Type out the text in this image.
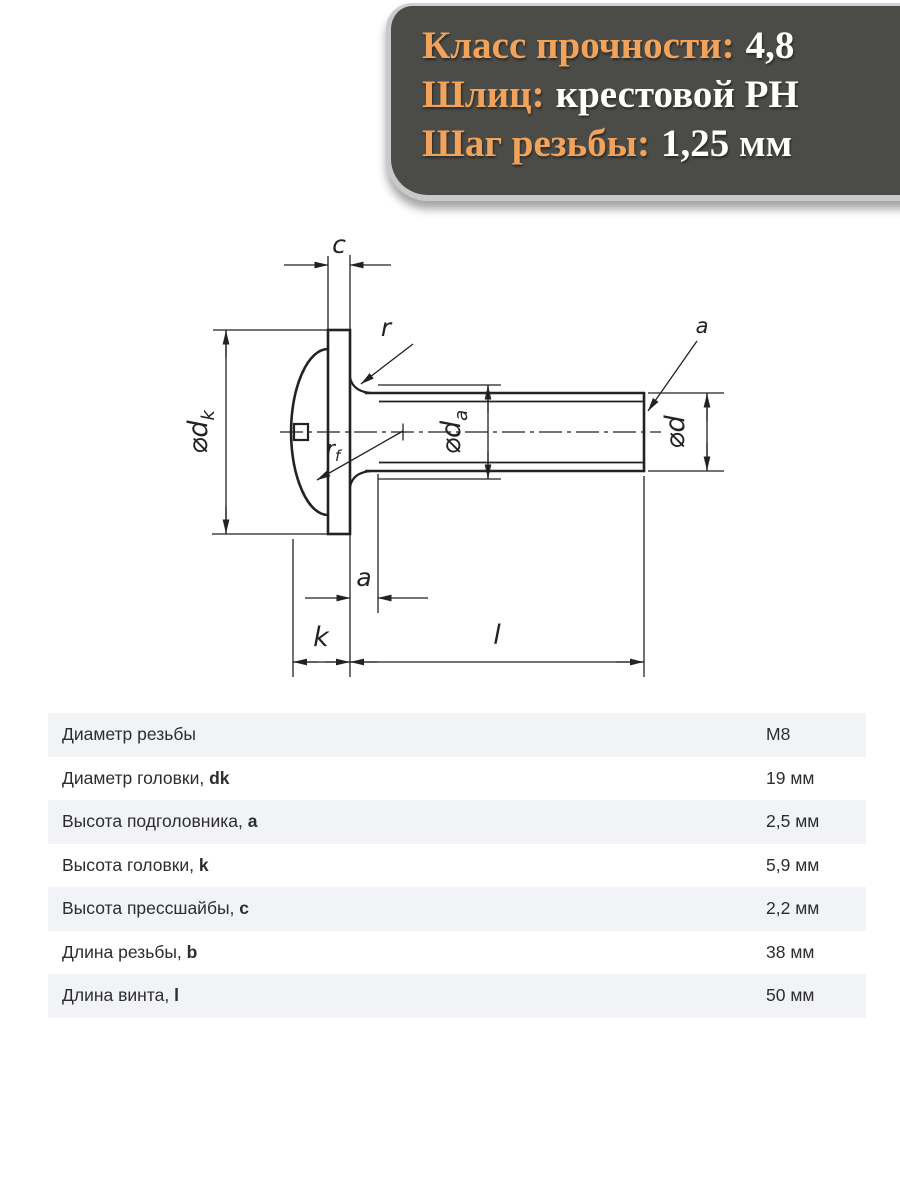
Класс прочности: 4,8
Шлиц: крестовой PH
Шаг резьбы: 1,25 мм
c
$⌀d_k$
$⌀d_a$	⌀d
r
$r_f$
a
a
k	l
Диаметр резьбы	M8
Диаметр головки, dk	19 мм
Высота подголовника, a	2,5 мм
Высота головки, k	5,9 мм
Высота прессшайбы, c	2,2 мм
Длина резьбы, b	38 мм
Длина винта, l	50 мм
